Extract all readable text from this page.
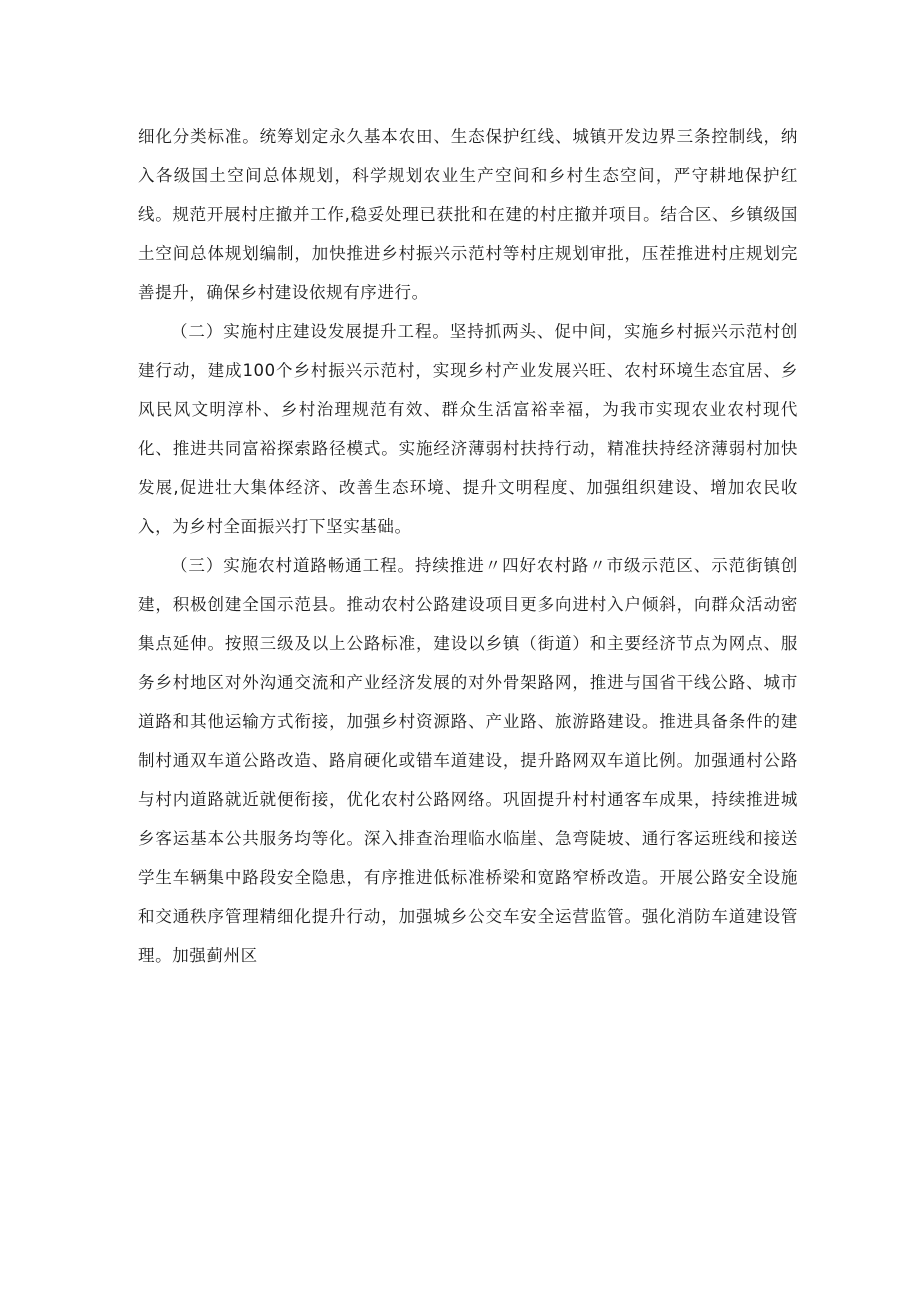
细化分类标准。统筹划定永久基本农田、生态保护红线、城镇开发边界三条控制线，纳入各级国土空间总体规划，科学规划农业生产空间和乡村生态空间，严守耕地保护红线。规范开展村庄撤并工作,稳妥处理已获批和在建的村庄撤并项目。结合区、乡镇级国土空间总体规划编制，加快推进乡村振兴示范村等村庄规划审批，压茬推进村庄规划完善提升，确保乡村建设依规有序进行。

（二）实施村庄建设发展提升工程。坚持抓两头、促中间，实施乡村振兴示范村创建行动，建成100个乡村振兴示范村，实现乡村产业发展兴旺、农村环境生态宜居、乡风民风文明淳朴、乡村治理规范有效、群众生活富裕幸福，为我市实现农业农村现代化、推进共同富裕探索路径模式。实施经济薄弱村扶持行动，精准扶持经济薄弱村加快发展,促进壮大集体经济、改善生态环境、提升文明程度、加强组织建设、增加农民收入，为乡村全面振兴打下坚实基础。

（三）实施农村道路畅通工程。持续推进〃四好农村路〃市级示范区、示范街镇创建，积极创建全国示范县。推动农村公路建设项目更多向进村入户倾斜，向群众活动密集点延伸。按照三级及以上公路标准，建设以乡镇（街道）和主要经济节点为网点、服务乡村地区对外沟通交流和产业经济发展的对外骨架路网，推进与国省干线公路、城市道路和其他运输方式衔接，加强乡村资源路、产业路、旅游路建设。推进具备条件的建制村通双车道公路改造、路肩硬化或错车道建设，提升路网双车道比例。加强通村公路与村内道路就近就便衔接，优化农村公路网络。巩固提升村村通客车成果，持续推进城乡客运基本公共服务均等化。深入排查治理临水临崖、急弯陡坡、通行客运班线和接送学生车辆集中路段安全隐患，有序推进低标准桥梁和宽路窄桥改造。开展公路安全设施和交通秩序管理精细化提升行动，加强城乡公交车安全运营监管。强化消防车道建设管理。加强蓟州区
